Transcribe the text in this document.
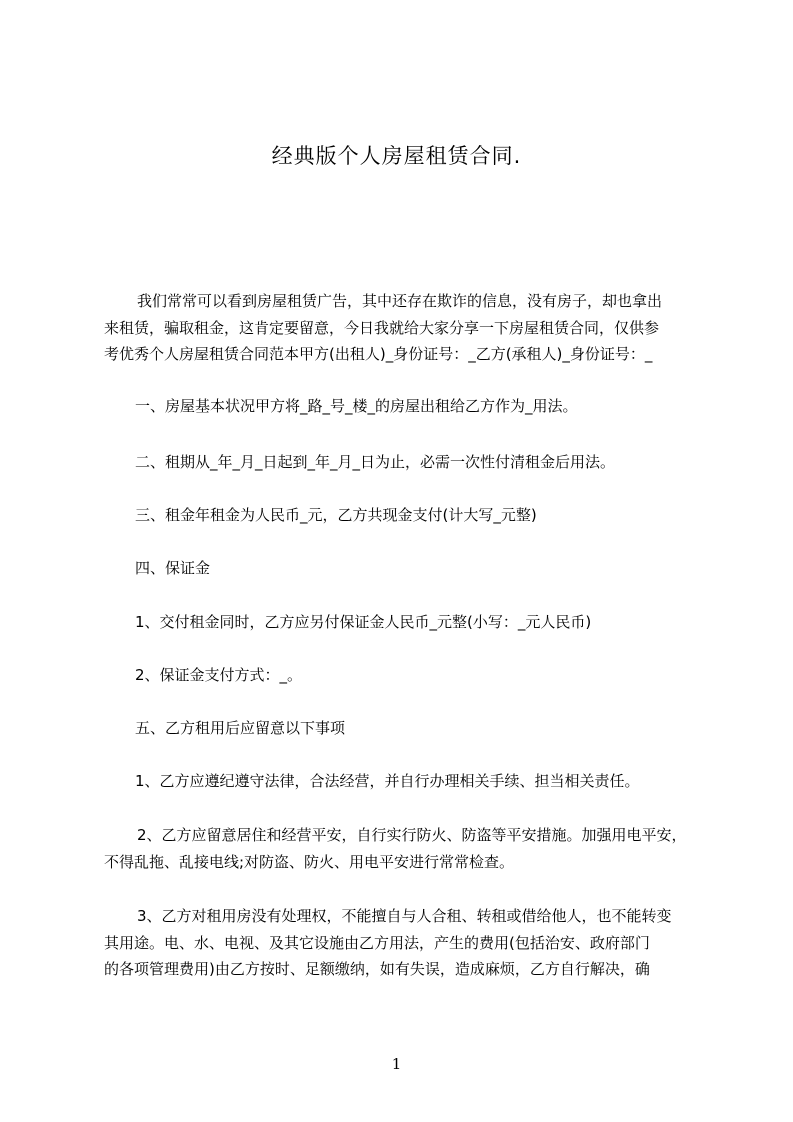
经典版个人房屋租赁合同.
我们常常可以看到房屋租赁广告，其中还存在欺诈的信息，没有房子，却也拿出
来租赁，骗取租金，这肯定要留意，今日我就给大家分享一下房屋租赁合同，仅供参
考优秀个人房屋租赁合同范本甲方(出租人)_身份证号：_乙方(承租人)_身份证号：_
一、房屋基本状况甲方将_路_号_楼_的房屋出租给乙方作为_用法。
二、租期从_年_月_日起到_年_月_日为止，必需一次性付清租金后用法。
三、租金年租金为人民币_元，乙方共现金支付(计大写_元整)
四、保证金
1、交付租金同时，乙方应另付保证金人民币_元整(小写：_元人民币)
2、保证金支付方式：_。
五、乙方租用后应留意以下事项
1、乙方应遵纪遵守法律，合法经营，并自行办理相关手续、担当相关责任。
2、乙方应留意居住和经营平安，自行实行防火、防盗等平安措施。加强用电平安，
不得乱拖、乱接电线;对防盗、防火、用电平安进行常常检查。
3、乙方对租用房没有处理权，不能擅自与人合租、转租或借给他人，也不能转变
其用途。电、水、电视、及其它设施由乙方用法，产生的费用(包括治安、政府部门
的各项管理费用)由乙方按时、足额缴纳，如有失误，造成麻烦，乙方自行解决，确
1
